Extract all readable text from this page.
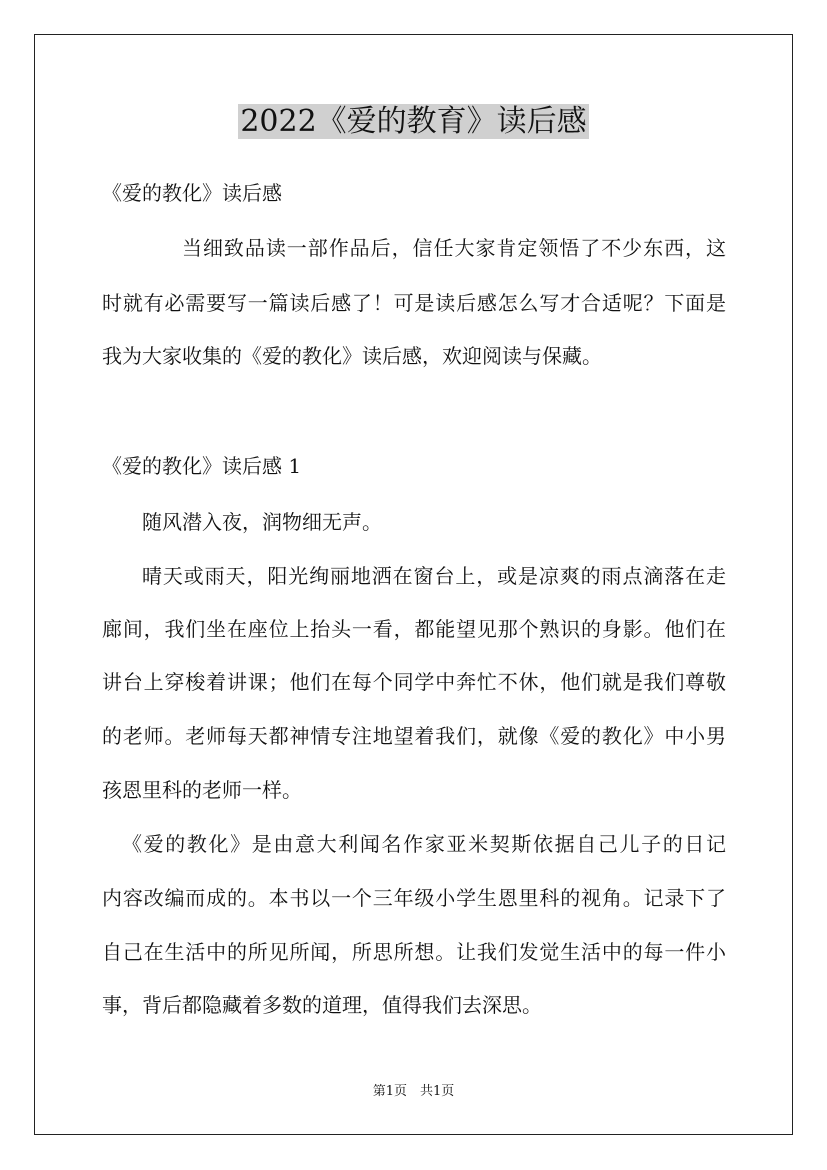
2022《爱的教育》读后感
《爱的教化》读后感
当细致品读一部作品后，信任大家肯定领悟了不少东西，这
时就有必需要写一篇读后感了！可是读后感怎么写才合适呢？下面是
我为大家收集的《爱的教化》读后感，欢迎阅读与保藏。
《爱的教化》读后感 1
随风潜入夜，润物细无声。
晴天或雨天，阳光绚丽地洒在窗台上，或是凉爽的雨点滴落在走
廊间，我们坐在座位上抬头一看，都能望见那个熟识的身影。他们在
讲台上穿梭着讲课；他们在每个同学中奔忙不休，他们就是我们尊敬
的老师。老师每天都神情专注地望着我们，就像《爱的教化》中小男
孩恩里科的老师一样。
《爱的教化》是由意大利闻名作家亚米契斯依据自己儿子的日记
内容改编而成的。本书以一个三年级小学生恩里科的视角。记录下了
自己在生活中的所见所闻，所思所想。让我们发觉生活中的每一件小
事，背后都隐藏着多数的道理，值得我们去深思。
第1页　共1页
